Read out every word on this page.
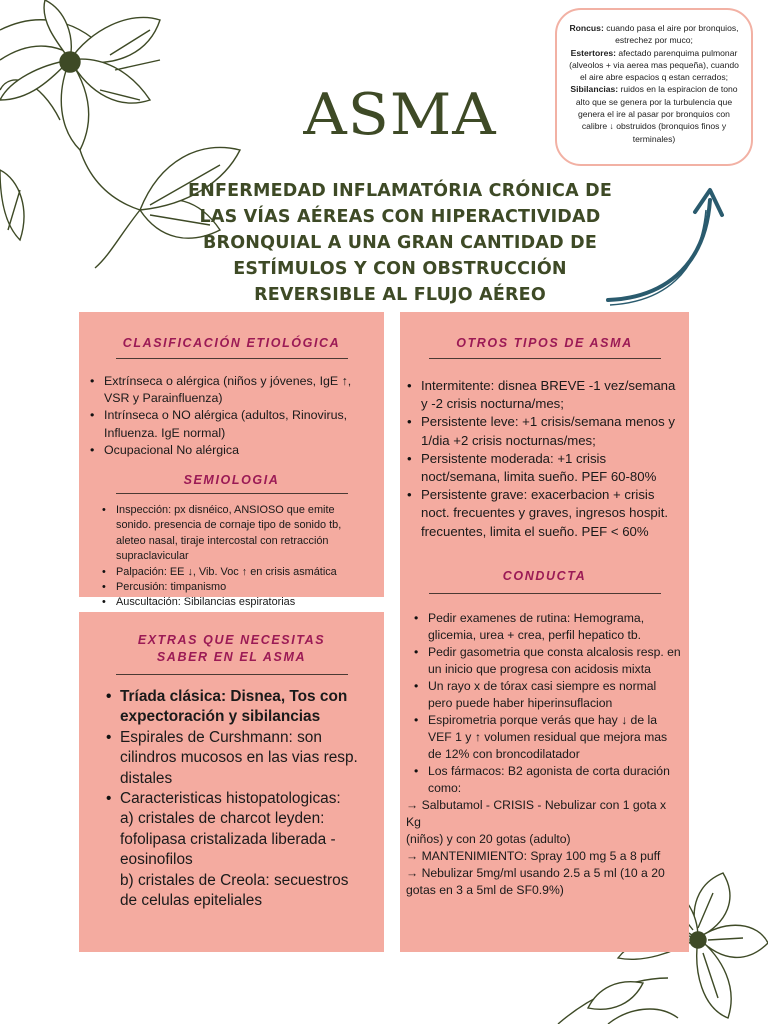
ASMA
ENFERMEDAD INFLAMATÓRIA CRÓNICA DE
LAS VÍAS AÉREAS CON HIPERACTIVIDAD
BRONQUIAL A UNA GRAN CANTIDAD DE
ESTÍMULOS Y CON OBSTRUCCIÓN
REVERSIBLE AL FLUJO AÉREO
Roncus: cuando pasa el aire por bronquios, estrechez por muco;
Estertores: afectado parenquima pulmonar (alveolos + via aerea mas pequeña), cuando el aire abre espacios q estan cerrados;
Sibilancias: ruidos en la espiracion de tono alto que se genera por la turbulencia que genera el ire al pasar por bronquios con calibre ↓ obstruidos (bronquios finos y terminales)
CLASIFICACIÓN ETIOLÓGICA
• Extrínseca o alérgica (niños y jóvenes, IgE ↑, VSR y Parainfluenza)
• Intrínseca o NO alérgica (adultos, Rinovirus, Influenza. IgE normal)
• Ocupacional No alérgica
SEMIOLOGIA
• Inspección: px disnéico, ANSIOSO que emite sonido. presencia de cornaje tipo de sonido tb, aleteo nasal, tiraje intercostal con retracción supraclavicular
• Palpación: EE ↓, Vib. Voc ↑ en crisis asmática
• Percusión: timpanismo
• Auscultación: Sibilancias espiratorias
EXTRAS QUE NECESITAS
SABER EN EL ASMA
• Tríada clásica: Disnea, Tos con expectoración y sibilancias
• Espirales de Curshmann: son cilindros mucosos en las vias resp. distales
• Caracteristicas histopatologicas:
a) cristales de charcot leyden: fofolipasa cristalizada liberada - eosinofilos
b) cristales de Creola: secuestros de celulas epiteliales
OTROS TIPOS DE ASMA
• Intermitente: disnea BREVE -1 vez/semana y -2 crisis nocturna/mes;
• Persistente leve: +1 crisis/semana menos y 1/dia +2 crisis nocturnas/mes;
• Persistente moderada: +1 crisis noct/semana, limita sueño. PEF 60-80%
• Persistente grave: exacerbacion + crisis noct. frecuentes y graves, ingresos hospit. frecuentes, limita el sueño. PEF < 60%
CONDUCTA
• Pedir examenes de rutina: Hemograma, glicemia, urea + crea, perfil hepatico tb.
• Pedir gasometria que consta alcalosis resp. en un inicio que progresa con acidosis mixta
• Un rayo x de tórax casi siempre es normal pero puede haber hiperinsuflacion
• Espirometria porque verás que hay ↓ de la VEF 1 y ↑ volumen residual que mejora mas de 12% con broncodilatador
• Los fármacos: B2 agonista de corta duración como:
→ Salbutamol - CRISIS - Nebulizar con 1 gota x Kg
(niños) y con 20 gotas (adulto)
→ MANTENIMIENTO: Spray 100 mg 5 a 8 puff
→ Nebulizar 5mg/ml usando 2.5 a 5 ml (10 a 20 gotas en 3 a 5ml de SF0.9%)
